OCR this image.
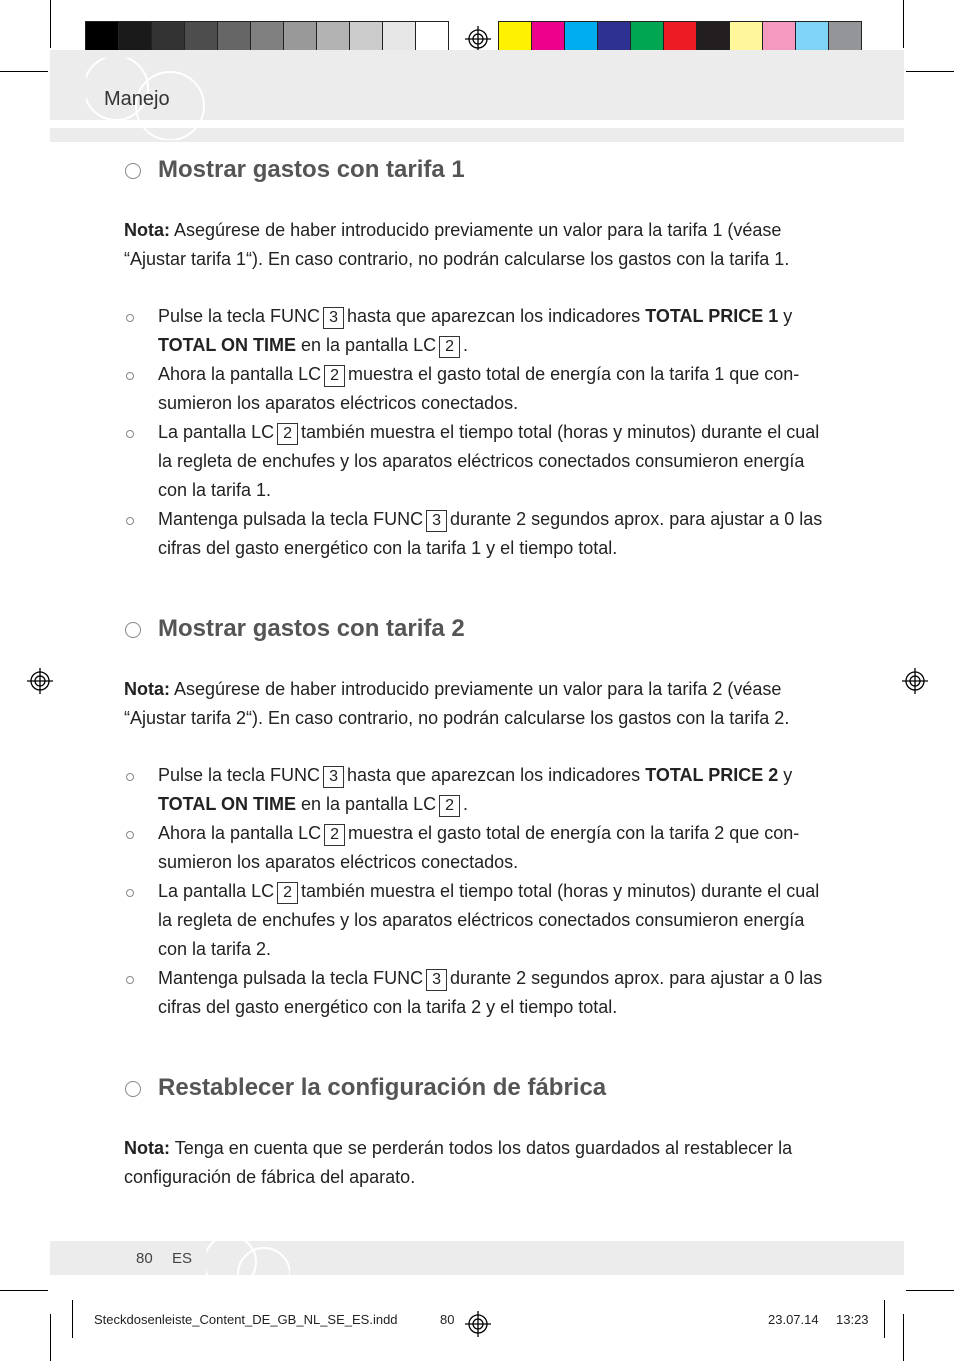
Manejo
Mostrar gastos con tarifa 1
Nota: Asegúrese de haber introducido previamente un valor para la tarifa 1 (véase “Ajustar tarifa 1“). En caso contrario, no podrán calcularse los gastos con la tarifa 1.
Pulse la tecla FUNC 3 hasta que aparezcan los indicadores TOTAL PRICE 1 y TOTAL ON TIME en la pantalla LC 2 .
Ahora la pantalla LC 2 muestra el gasto total de energía con la tarifa 1 que con-sumieron los aparatos eléctricos conectados.
La pantalla LC 2 también muestra el tiempo total (horas y minutos) durante el cual la regleta de enchufes y los aparatos eléctricos conectados consumieron energía con la tarifa 1.
Mantenga pulsada la tecla FUNC 3 durante 2 segundos aprox. para ajustar a 0 las cifras del gasto energético con la tarifa 1 y el tiempo total.
Mostrar gastos con tarifa 2
Nota: Asegúrese de haber introducido previamente un valor para la tarifa 2 (véase “Ajustar tarifa 2“). En caso contrario, no podrán calcularse los gastos con la tarifa 2.
Pulse la tecla FUNC 3 hasta que aparezcan los indicadores TOTAL PRICE 2 y TOTAL ON TIME en la pantalla LC 2 .
Ahora la pantalla LC 2 muestra el gasto total de energía con la tarifa 2 que con-sumieron los aparatos eléctricos conectados.
La pantalla LC 2 también muestra el tiempo total (horas y minutos) durante el cual la regleta de enchufes y los aparatos eléctricos conectados consumieron energía con la tarifa 2.
Mantenga pulsada la tecla FUNC 3 durante 2 segundos aprox. para ajustar a 0 las cifras del gasto energético con la tarifa 2 y el tiempo total.
Restablecer la configuración de fábrica
Nota: Tenga en cuenta que se perderán todos los datos guardados al restablecer la configuración de fábrica del aparato.
80 ES
Steckdosenleiste_Content_DE_GB_NL_SE_ES.indd	80	23.07.14 13:23
